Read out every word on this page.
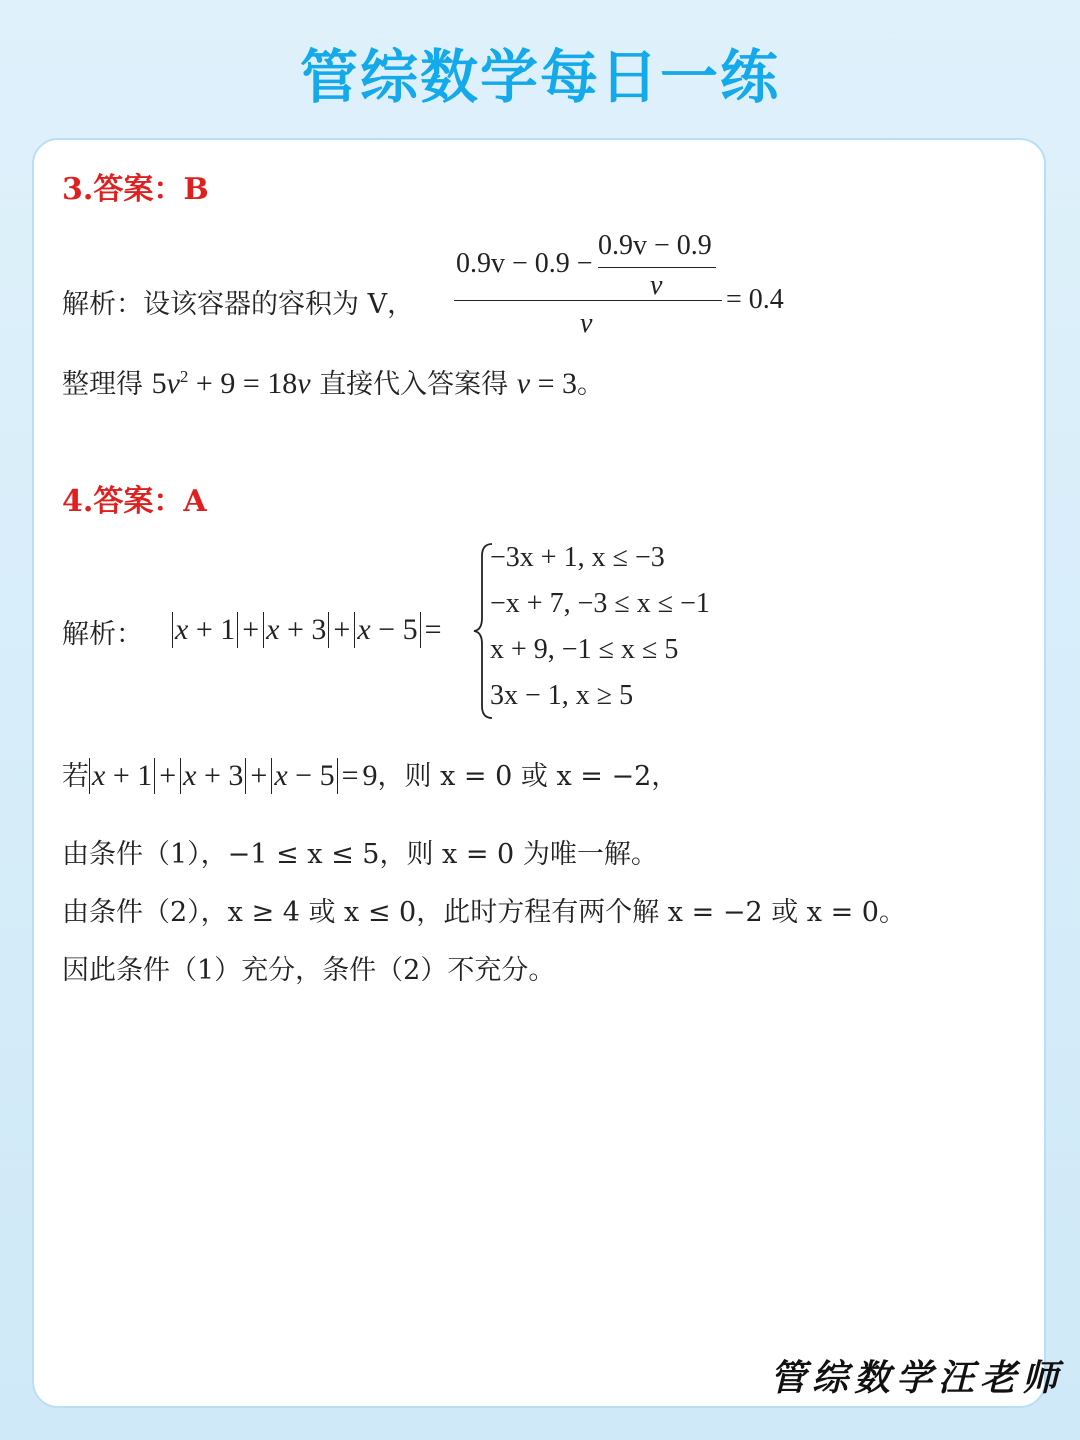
管综数学每日一练
3.答案：B
解析：设该容器的容积为 V，
0.9v − 0.9 −
0.9v − 0.9
v
v
= 0.4
整理得 $5v^2 + 9 = 18v$ 直接代入答案得 v = 3。
4.答案：A
解析： x + 1 + x + 3 + x − 5 =
−3x + 1, x ≤ −3
−x + 7, −3 ≤ x ≤ −1
x + 9, −1 ≤ x ≤ 5
3x − 1, x ≥ 5
若 x + 1 + x + 3 + x − 5 = 9，则 x = 0 或 x = −2，
由条件（1），−1 ≤ x ≤ 5，则 x = 0 为唯一解。
由条件（2），x ≥ 4 或 x ≤ 0，此时方程有两个解 x = −2 或 x = 0。
因此条件（1）充分，条件（2）不充分。
管综数学汪老师
